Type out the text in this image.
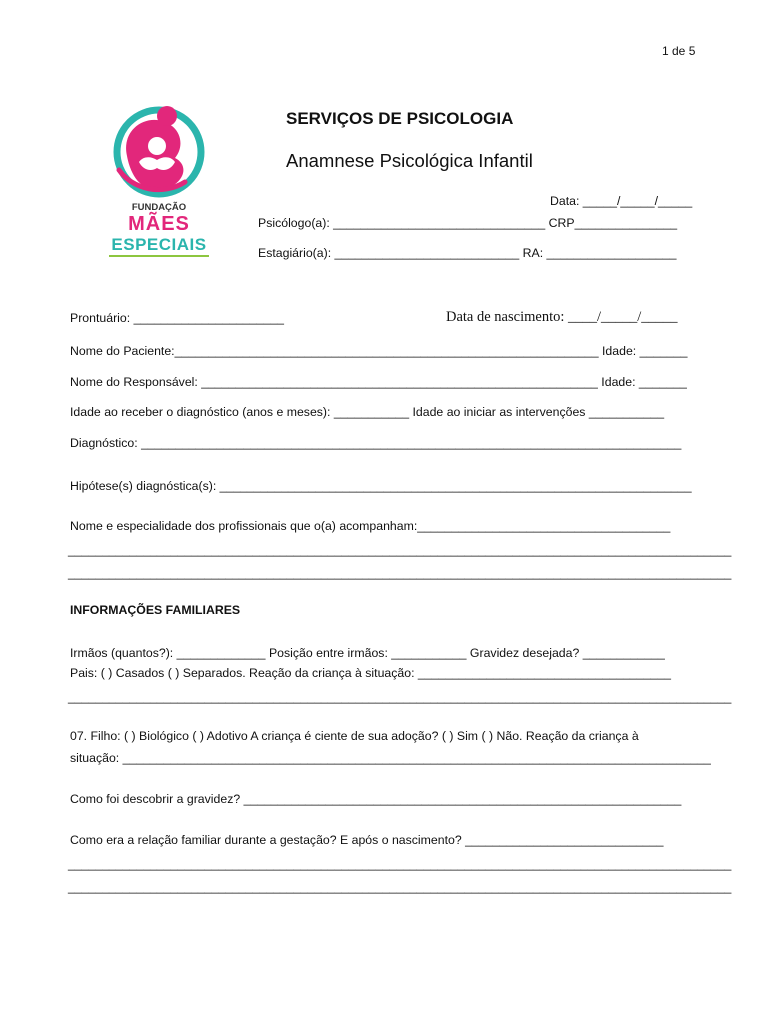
1 de 5
FUNDAÇÃO
MÃES
ESPECIAIS
SERVIÇOS DE PSICOLOGIA
Anamnese Psicológica Infantil
Data: _____/_____/_____
Psicólogo(a): _______________________________ CRP_______________
Estagiário(a): ___________________________ RA: ___________________
Prontuário: ______________________	Data de nascimento: ____/_____/_____
Nome do Paciente:______________________________________________________________ Idade: _______
Nome do Responsável: __________________________________________________________ Idade: _______
Idade ao receber o diagnóstico (anos e meses): ___________ Idade ao iniciar as intervenções ___________
Diagnóstico: _______________________________________________________________________________
Hipótese(s) diagnóstica(s): _____________________________________________________________________
Nome e especialidade dos profissionais que o(a) acompanham:_____________________________________
_________________________________________________________________________________________________
_________________________________________________________________________________________________
INFORMAÇÕES FAMILIARES
Irmãos (quantos?): _____________ Posição entre irmãos: ___________ Gravidez desejada? ____________
Pais: ( ) Casados ( ) Separados. Reação da criança à situação: _____________________________________
_________________________________________________________________________________________________
07. Filho: ( ) Biológico ( ) Adotivo A criança é ciente de sua adoção? ( ) Sim ( ) Não. Reação da criança à
situação: ______________________________________________________________________________________
Como foi descobrir a gravidez? ________________________________________________________________
Como era a relação familiar durante a gestação? E após o nascimento? _____________________________
_________________________________________________________________________________________________
_________________________________________________________________________________________________
